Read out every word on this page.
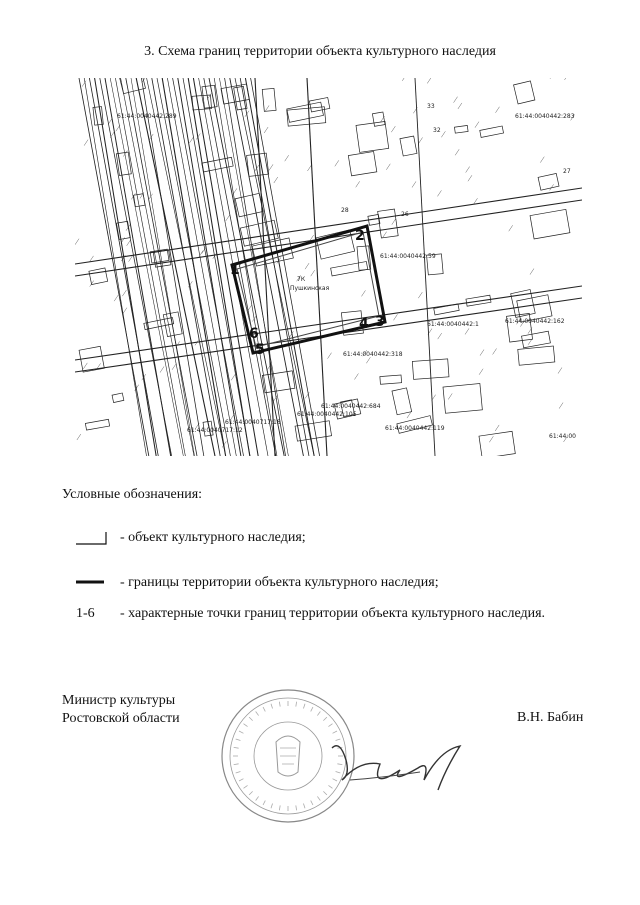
3. Схема границ территории объекта культурного наследия
1
2
3
4
5
6
61:44:0040442:289	61:44:0040442:283
61:44:0040442:59
61:44:0040442:318
61:44:0040442:684
61:44:0040442:105
61:44:0040442:119
61:44:0040442:162
61:44:0040442:1
61:44:0040717:12
61:44:0040717:18
61:44:00
7К
Пушкинская
26
27
32
33
28
Условные обозначения:
- объект культурного наследия;
- границы территории объекта культурного наследия;
1-6	- характерные точки границ территории объекта культурного наследия.
Министр культуры
Ростовской области	В.Н. Бабин
